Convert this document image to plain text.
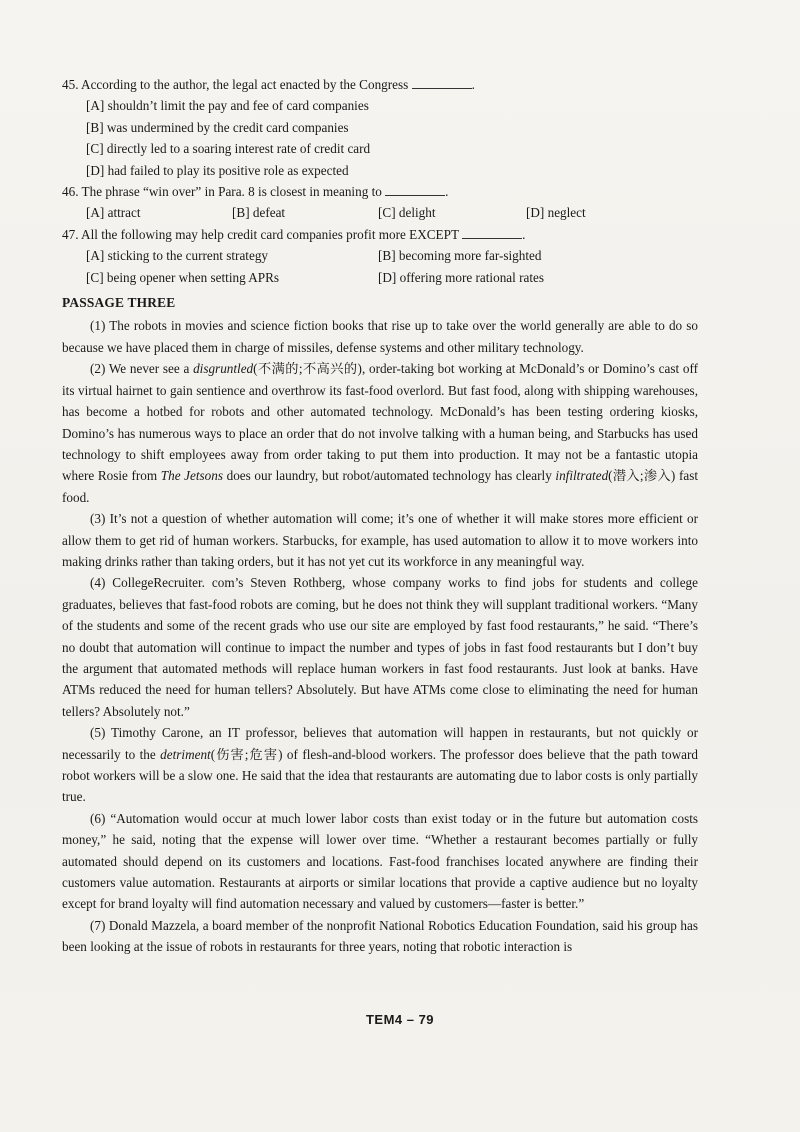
45. According to the author, the legal act enacted by the Congress	.

[A] shouldn’t limit the pay and fee of card companies

[B] was undermined by the credit card companies

[C] directly led to a soaring interest rate of credit card

[D] had failed to play its positive role as expected

46. The phrase “win over” in Para. 8 is closest in meaning to	.

[A] attract	[B] defeat	[C] delight	[D] neglect

47. All the following may help credit card companies profit more EXCEPT	.

[A] sticking to the current strategy	[B] becoming more far-sighted
[C] being opener when setting APRs	[D] offering more rational rates
PASSAGE THREE

(1) The robots in movies and science fiction books that rise up to take over the world generally are able to do so because we have placed them in charge of missiles, defense systems and other military technology.

(2) We never see a disgruntled(不满的;不高兴的), order-taking bot working at McDonald’s or Domino’s cast off its virtual hairnet to gain sentience and overthrow its fast-food overlord. But fast food, along with shipping warehouses, has become a hotbed for robots and other automated technology. McDonald’s has been testing ordering kiosks, Domino’s has numerous ways to place an order that do not involve talking with a human being, and Starbucks has used technology to shift employees away from order taking to put them into production. It may not be a fantastic utopia where Rosie from The Jetsons does our laundry, but robot/automated technology has clearly infiltrated(潜入;渗入) fast food.

(3) It’s not a question of whether automation will come; it’s one of whether it will make stores more efficient or allow them to get rid of human workers. Starbucks, for example, has used automation to allow it to move workers into making drinks rather than taking orders, but it has not yet cut its workforce in any meaningful way.

(4) CollegeRecruiter. com’s Steven Rothberg, whose company works to find jobs for students and college graduates, believes that fast-food robots are coming, but he does not think they will supplant traditional workers. “Many of the students and some of the recent grads who use our site are employed by fast food restaurants,” he said. “There’s no doubt that automation will continue to impact the number and types of jobs in fast food restaurants but I don’t buy the argument that automated methods will replace human workers in fast food restaurants. Just look at banks. Have ATMs reduced the need for human tellers? Absolutely. But have ATMs come close to eliminating the need for human tellers? Absolutely not.”

(5) Timothy Carone, an IT professor, believes that automation will happen in restaurants, but not quickly or necessarily to the detriment(伤害;危害) of flesh-and-blood workers. The professor does believe that the path toward robot workers will be a slow one. He said that the idea that restaurants are automating due to labor costs is only partially true.

(6) “Automation would occur at much lower labor costs than exist today or in the future but automation costs money,” he said, noting that the expense will lower over time. “Whether a restaurant becomes partially or fully automated should depend on its customers and locations. Fast-food franchises located anywhere are finding their customers value automation. Restaurants at airports or similar locations that provide a captive audience but no loyalty except for brand loyalty will find automation necessary and valued by customers—faster is better.”

(7) Donald Mazzela, a board member of the nonprofit National Robotics Education Foundation, said his group has been looking at the issue of robots in restaurants for three years, noting that robotic interaction is

TEM4 – 79
